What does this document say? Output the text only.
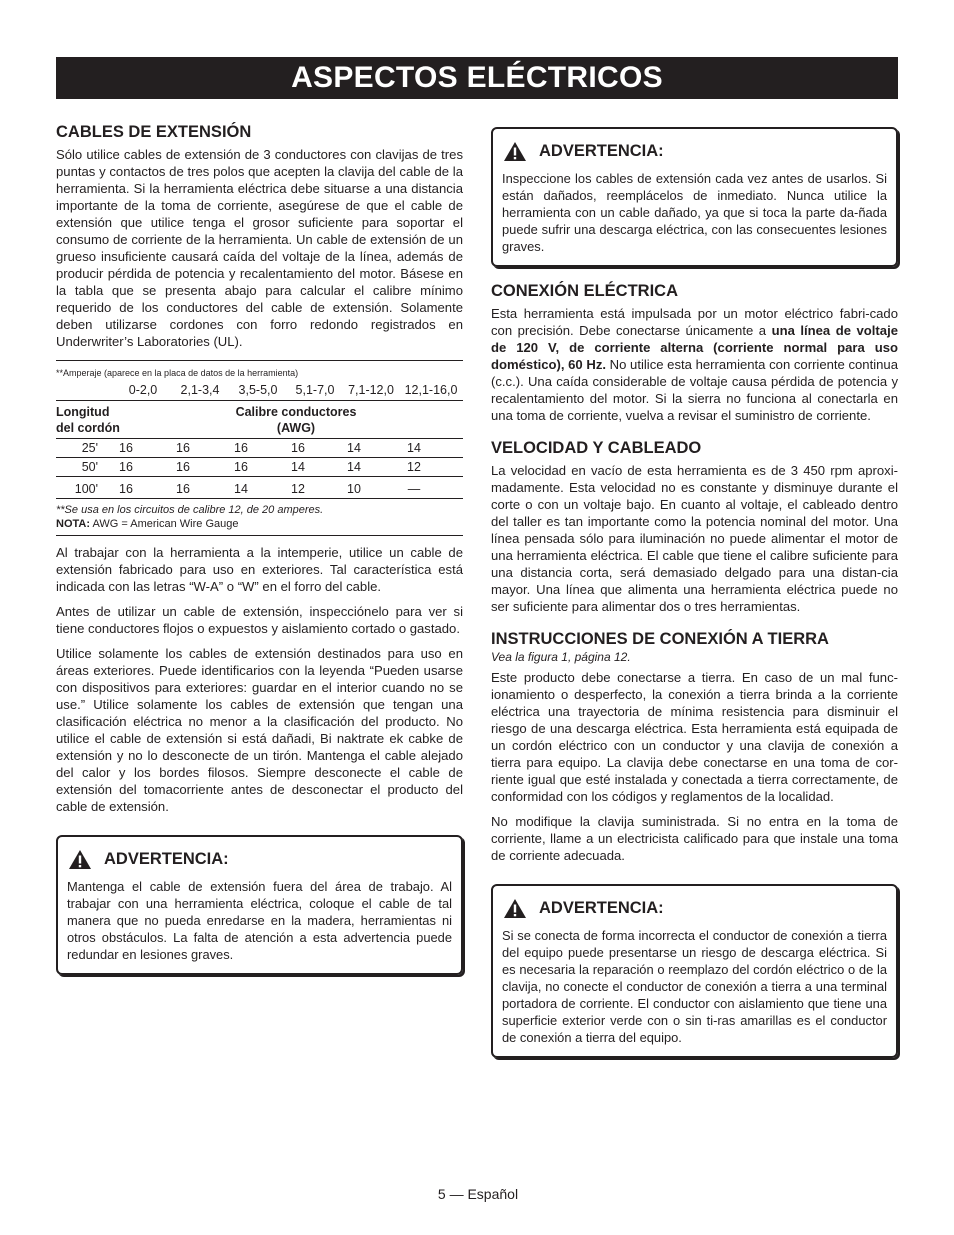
ASPECTOS ELÉCTRICOS
CABLES DE EXTENSIÓN

Sólo utilice cables de extensión de 3 conductores con clavijas de tres puntas y contactos de tres polos que acepten la clavija del cable de la herramienta. Si la herramienta eléctrica debe situarse a una distancia importante de la toma de corriente, asegúrese de que el cable de extensión que utilice tenga el grosor suficiente para soportar el consumo de corriente de la herramienta. Un cable de extensión de un grueso insuficiente causará caída del voltaje de la línea, además de producir pérdida de potencia y recalentamiento del motor. Básese en la tabla que se presenta abajo para calcular el calibre mínimo requerido de los conductores del cable de extensión. Solamente deben utilizarse cordones con forro redondo registrados en Underwriter’s Laboratories (UL).

**Amperaje (aparece en la placa de datos de la herramienta)
0-2,0	2,1-3,4	3,5-5,0	5,1-7,0	7,1-12,0 12,1-16,0
Longitud
del cordón
Calibre conductores
(AWG)
25'	16	16	16	16	14	14
50'	16	16	16	14	14	12
100'	16	16	14	12	10	—
**Se usa en los circuitos de calibre 12, de 20 amperes.
NOTA: AWG = American Wire Gauge

Al trabajar con la herramienta a la intemperie, utilice un cable de extensión fabricado para uso en exteriores. Tal característica está indicada con las letras “W-A” o “W” en el forro del cable.

Antes de utilizar un cable de extensión, inspecciónelo para ver si tiene conductores flojos o expuestos y aislamiento cortado o gastado.

Utilice solamente los cables de extensión destinados para uso en áreas exteriores. Puede identificarios con la leyenda “Pueden usarse con dispositivos para exteriores: guardar en el interior cuando no se use.” Utilice solamente los cables de extensión que tengan una clasificación eléctrica no menor a la clasificación del producto. No utilice el cable de extensión si está dañadi, Bi naktrate ek cabke de extensión y no lo desconecte de un tirón. Mantenga el cable alejado del calor y los bordes filosos. Siempre desconecte el cable de extensión del tomacorriente antes de desconectar el producto del cable de extensión.

ADVERTENCIA:

Mantenga el cable de extensión fuera del área de trabajo. Al trabajar con una herramienta eléctrica, coloque el cable de tal manera que no pueda enredarse en la madera, herramientas ni otros obstáculos. La falta de atención a esta advertencia puede redundar en lesiones graves.

ADVERTENCIA:

Inspeccione los cables de extensión cada vez antes de usarlos. Si están dañados, reemplácelos de inmediato. Nunca utilice la herramienta con un cable dañado, ya que si toca la parte da-ñada puede sufrir una descarga eléctrica, con las consecuentes lesiones graves.

CONEXIÓN ELÉCTRICA

Esta herramienta está impulsada por un motor eléctrico fabri-cado con precisión. Debe conectarse únicamente a una línea de voltaje de 120 V, de corriente alterna (corriente normal para uso doméstico), 60 Hz. No utilice esta herramienta con corriente continua (c.c.). Una caída considerable de voltaje causa pérdida de potencia y recalentamiento del motor. Si la sierra no funciona al conectarla en una toma de corriente, vuelva a revisar el suministro de corriente.

VELOCIDAD Y CABLEADO

La velocidad en vacío de esta herramienta es de 3 450 rpm aproxi-madamente. Esta velocidad no es constante y disminuye durante el corte o con un voltaje bajo. En cuanto al voltaje, el cableado dentro del taller es tan importante como la potencia nominal del motor. Una línea pensada sólo para iluminación no puede alimentar el motor de una herramienta eléctrica. El cable que tiene el calibre suficiente para una distancia corta, será demasiado delgado para una distan-cia mayor. Una línea que alimenta una herramienta eléctrica puede no ser suficiente para alimentar dos o tres herramientas.

INSTRUCCIONES DE CONEXIÓN A TIERRA
Vea la figura 1, página 12.

Este producto debe conectarse a tierra. En caso de un mal func-ionamiento o desperfecto, la conexión a tierra brinda a la corriente eléctrica una trayectoria de mínima resistencia para disminuir el riesgo de una descarga eléctrica. Esta herramienta está equipada de un cordón eléctrico con un conductor y una clavija de conexión a tierra para equipo. La clavija debe conectarse en una toma de cor-riente igual que esté instalada y conectada a tierra correctamente, de conformidad con los códigos y reglamentos de la localidad.

No modifique la clavija suministrada. Si no entra en la toma de corriente, llame a un electricista calificado para que instale una toma de corriente adecuada.

ADVERTENCIA:

Si se conecta de forma incorrecta el conductor de conexión a tierra del equipo puede presentarse un riesgo de descarga eléctrica. Si es necesaria la reparación o reemplazo del cordón eléctrico o de la clavija, no conecte el conductor de conexión a tierra a una terminal portadora de corriente. El conductor con aislamiento que tiene una superficie exterior verde con o sin ti-ras amarillas es el conductor de conexión a tierra del equipo.

5 — Español
